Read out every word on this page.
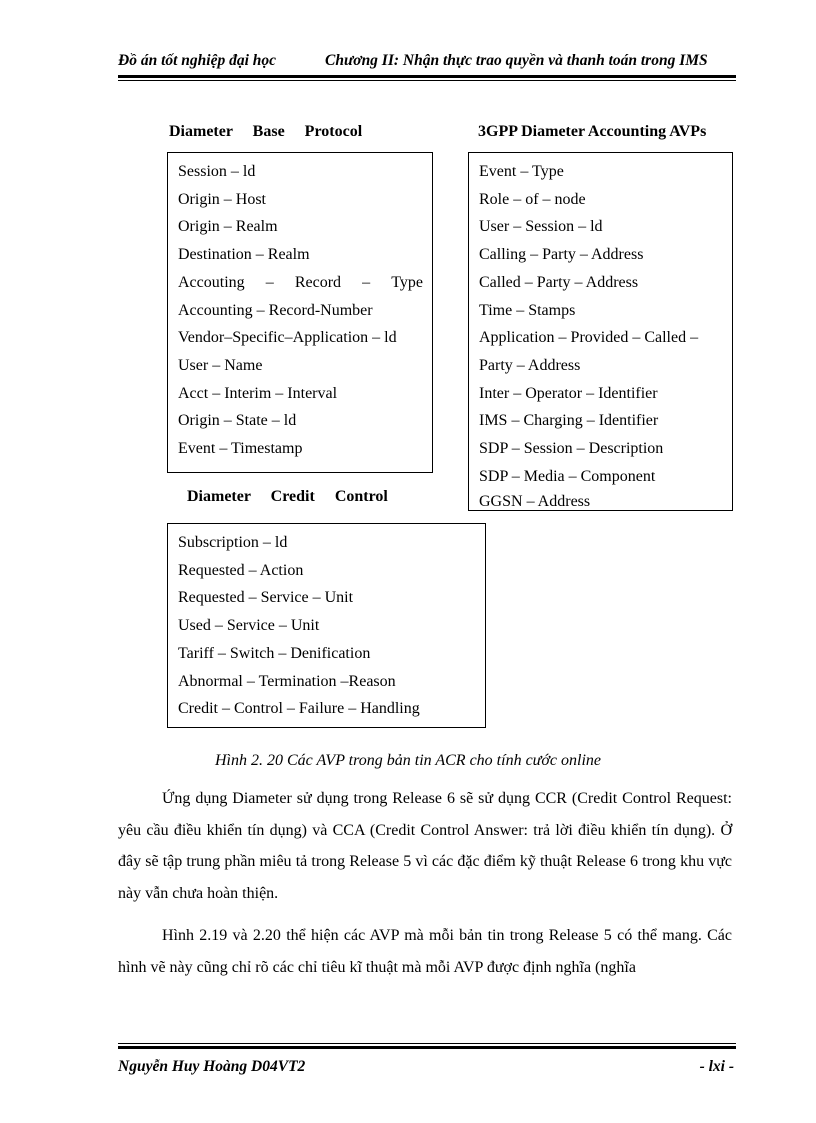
Đồ án tốt nghiệp đại học	Chương II: Nhận thực trao quyền và thanh toán trong IMS
Diameter     Base     Protocol
Session – ld
Origin – Host
Origin – Realm
Destination – Realm
Accouting – Record – Type
Accounting – Record-Number
Vendor–Specific–Application – ld
User – Name
Acct – Interim – Interval
Origin – State – ld
Event – Timestamp
3GPP Diameter Accounting AVPs
Event – Type
Role – of – node
User – Session – ld
Calling – Party – Address
Called – Party – Address
Time – Stamps
Application – Provided – Called –
Party – Address
Inter – Operator – Identifier
IMS – Charging – Identifier
SDP – Session – Description
SDP – Media – Component
GGSN – Address
Diameter     Credit     Control
Subscription – ld
Requested – Action
Requested – Service – Unit
Used – Service – Unit
Tariff – Switch – Denification
Abnormal – Termination –Reason
Credit – Control – Failure – Handling
Hình 2. 20 Các AVP trong bản tin ACR cho tính cước online
Ứng dụng Diameter sử dụng trong Release 6 sẽ sử dụng CCR (Credit Control Request: yêu cầu điều khiển tín dụng) và CCA (Credit Control Answer: trả lời điều khiển tín dụng). Ở đây sẽ tập trung phần miêu tả trong Release 5 vì các đặc điểm kỹ thuật Release 6 trong khu vực này vẫn chưa hoàn thiện.
Hình 2.19 và 2.20 thể hiện các AVP mà mỗi bản tin trong Release 5 có thể mang. Các hình vẽ này cũng chỉ rõ các chỉ tiêu kĩ thuật mà mỗi AVP được định nghĩa (nghĩa
Nguyễn Huy Hoàng D04VT2	- lxi -
